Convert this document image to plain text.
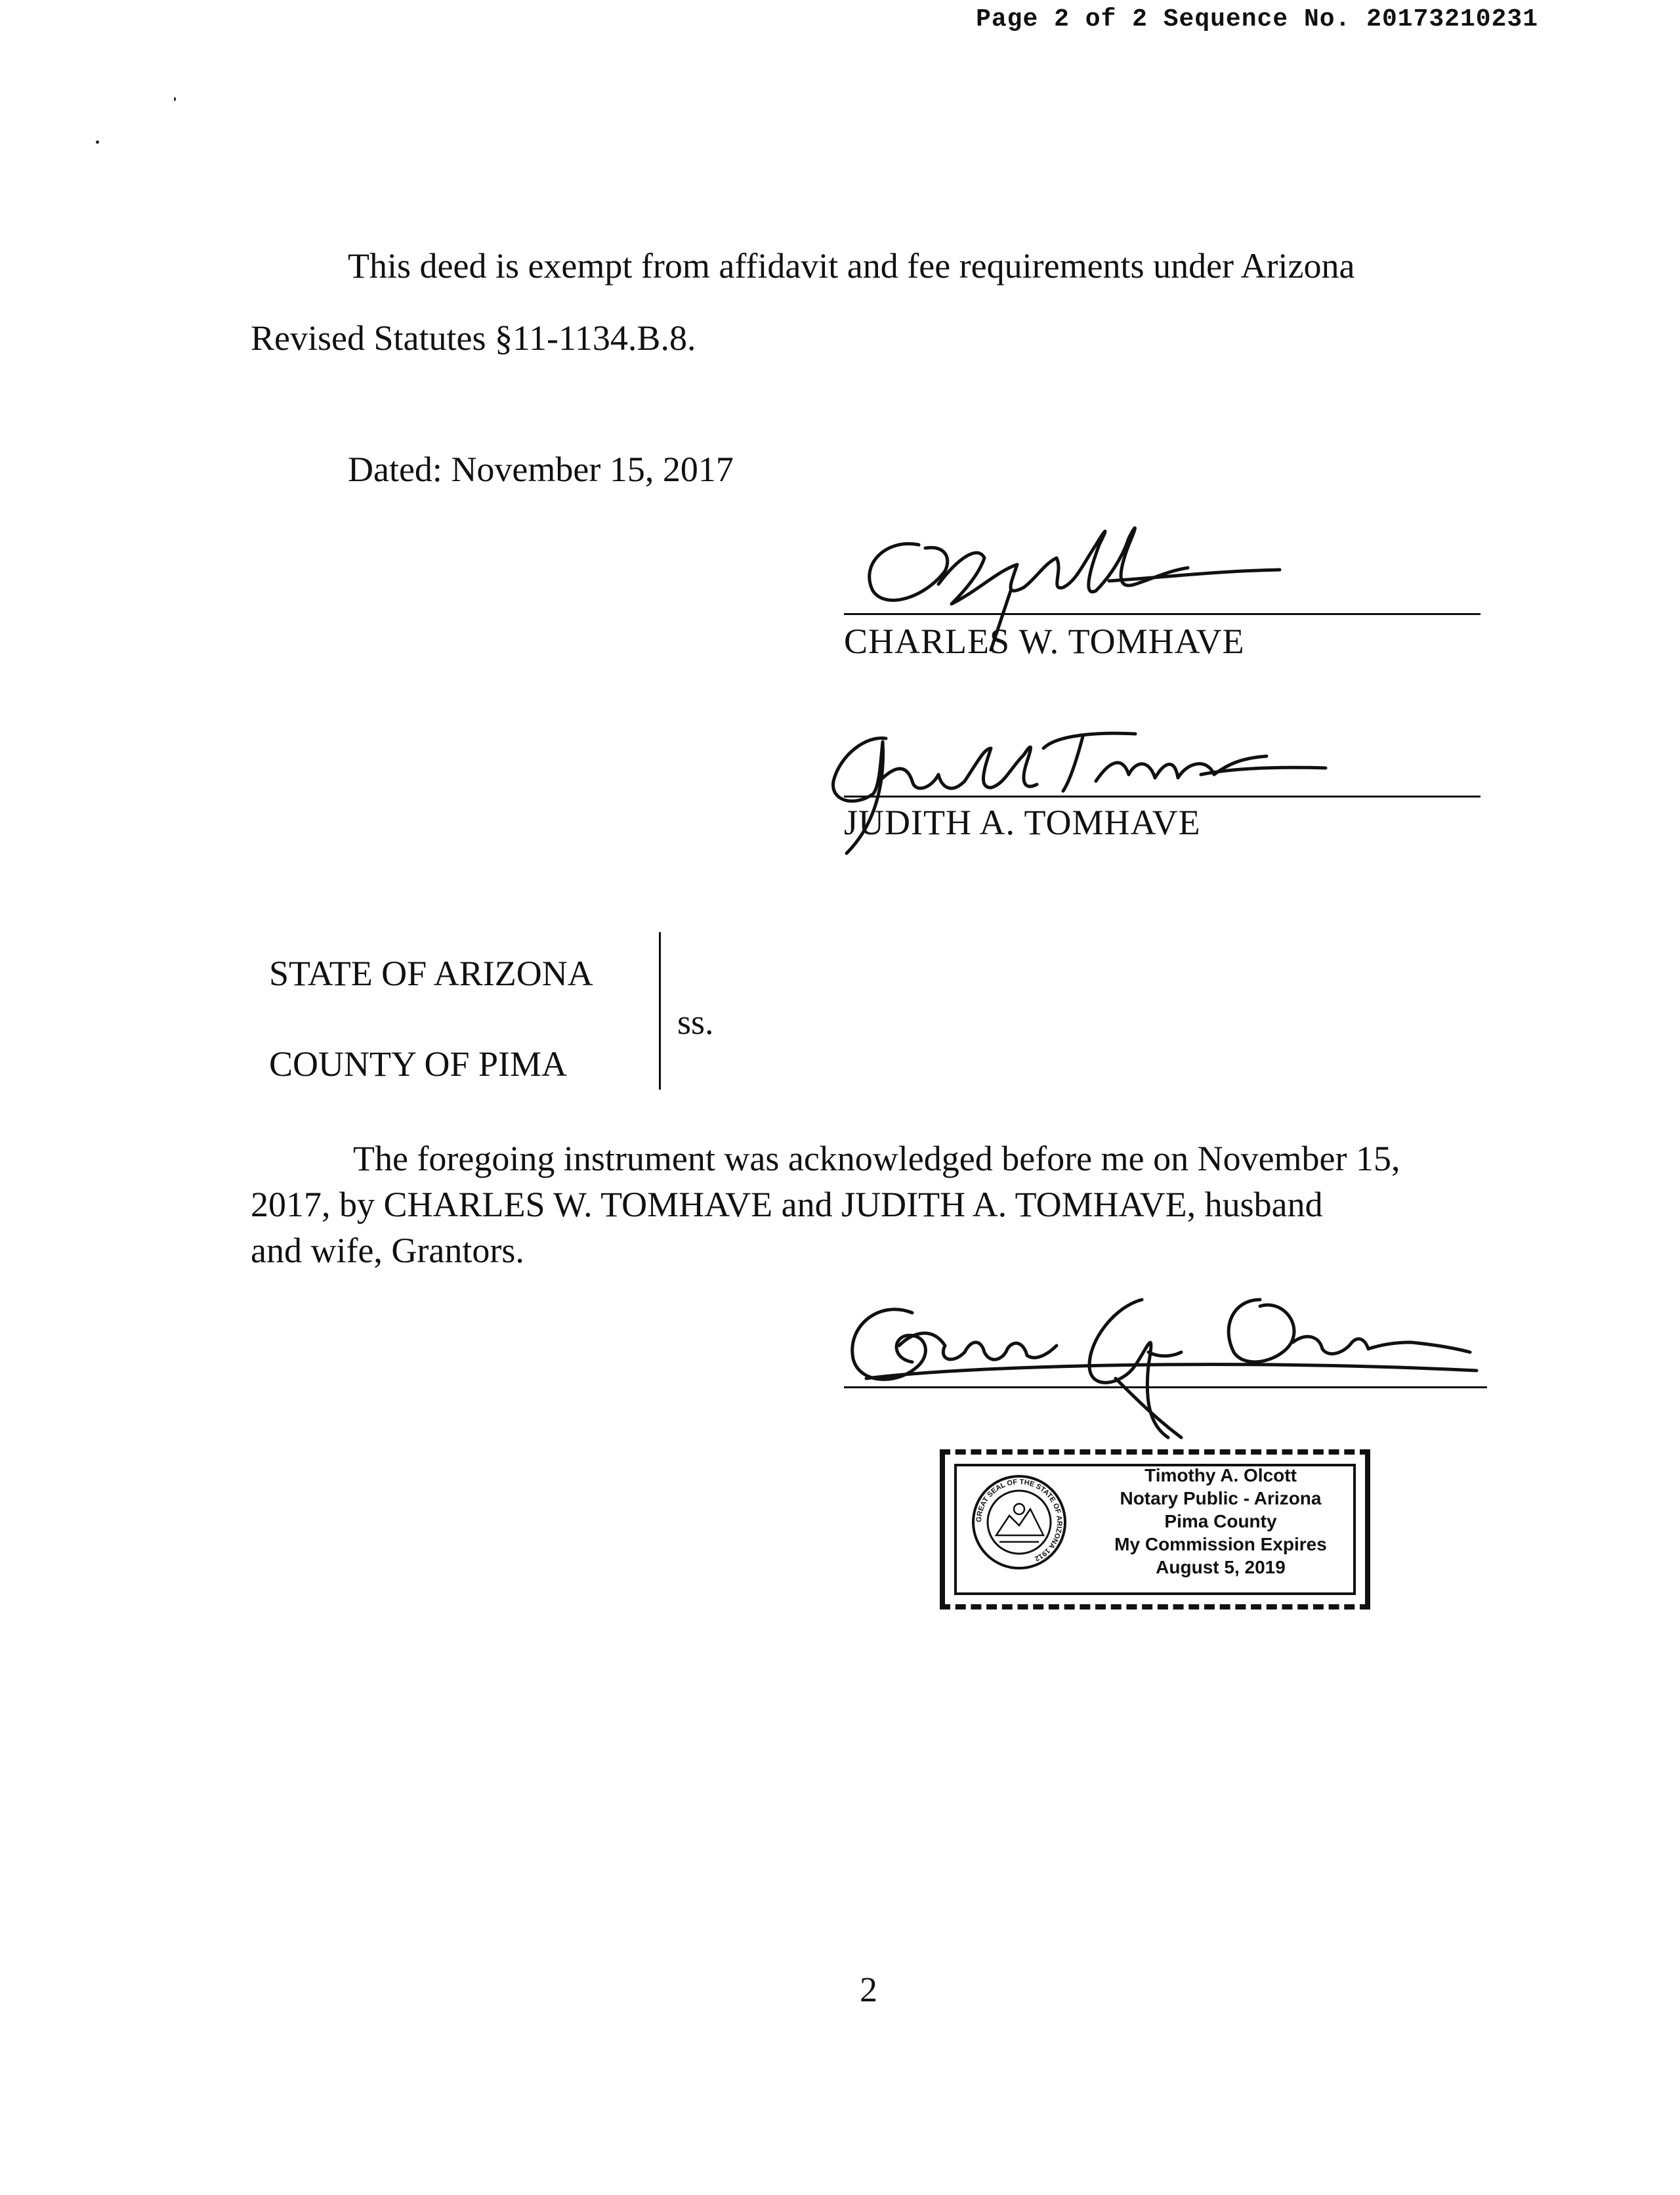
Page 2 of 2 Sequence No. 20173210231
This deed is exempt from affidavit and fee requirements under Arizona
Revised Statutes §11-1134.B.8.
Dated: November 15, 2017
CHARLES W. TOMHAVE
JUDITH A. TOMHAVE
STATE OF ARIZONA
COUNTY OF PIMA
ss.
The foregoing instrument was acknowledged before me on November 15,
2017, by CHARLES W. TOMHAVE and JUDITH A. TOMHAVE, husband
and wife, Grantors.
GREAT SEAL OF THE STATE OF ARIZONA 1912
Timothy A. Olcott
Notary Public - Arizona
Pima County
My Commission Expires
August 5, 2019
2
